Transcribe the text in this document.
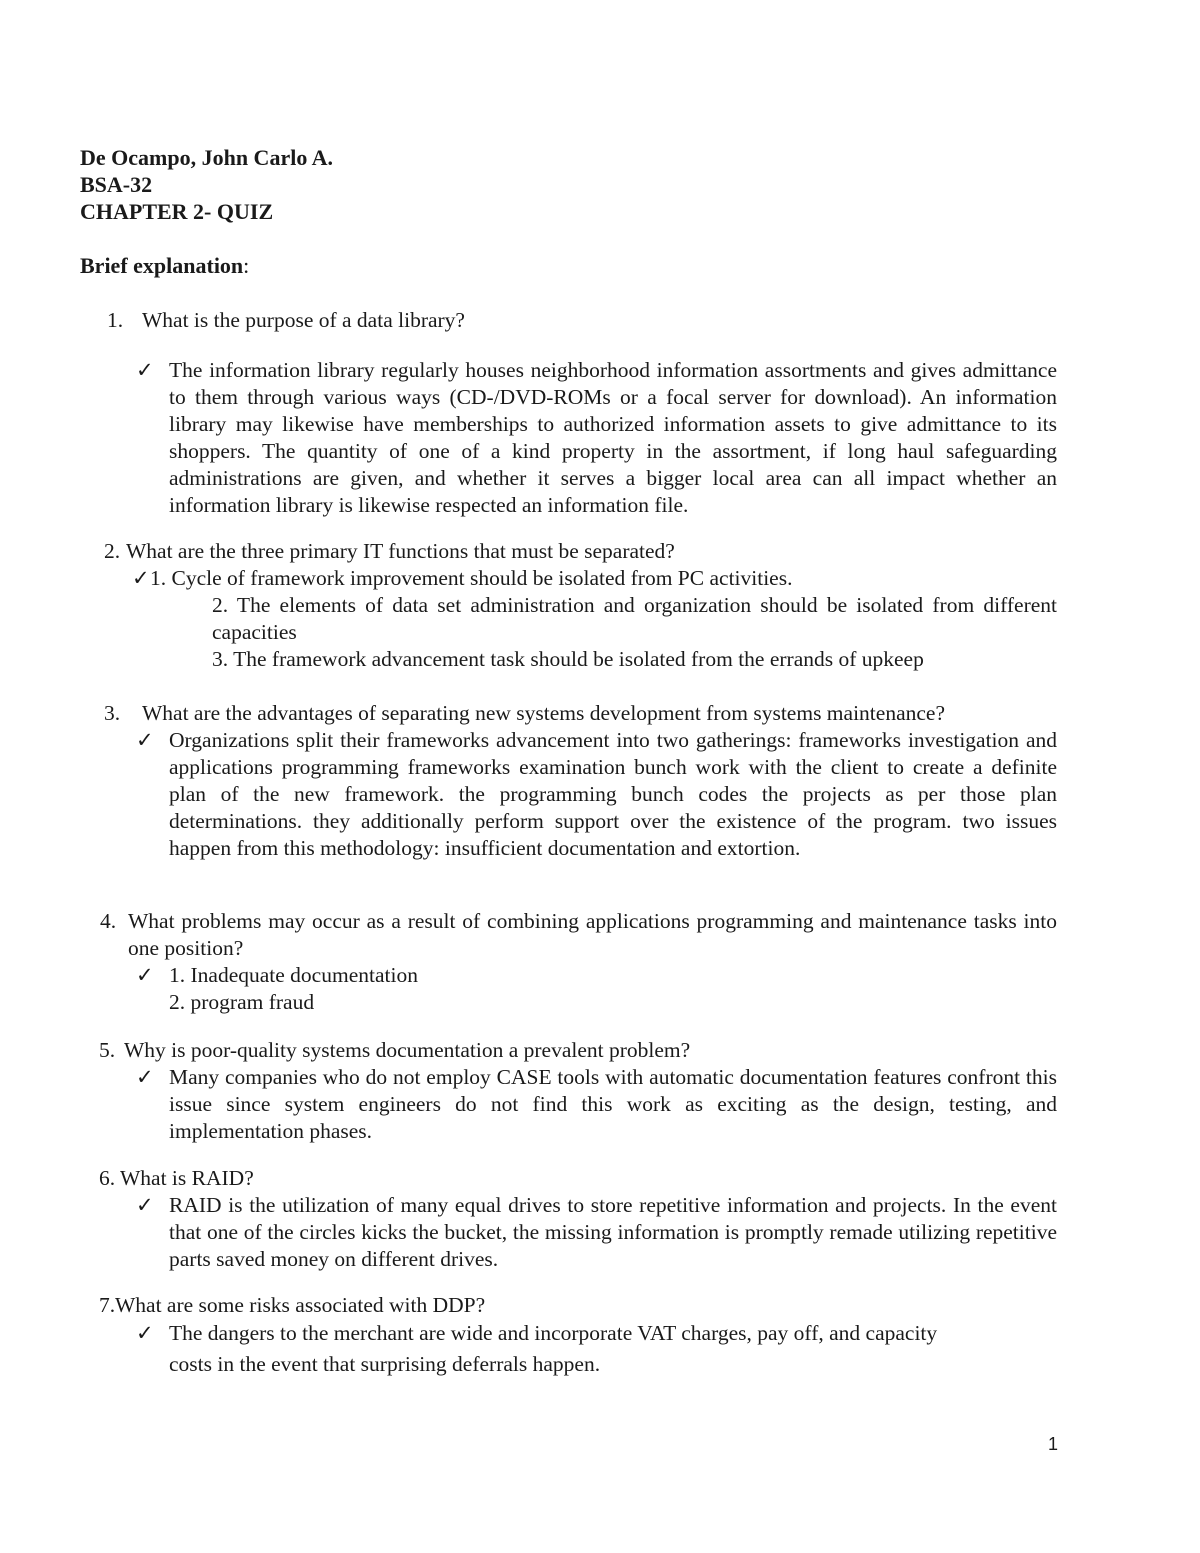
De Ocampo, John Carlo A.
BSA-32
CHAPTER 2- QUIZ
Brief explanation:
1. What is the purpose of a data library?
✓ The information library regularly houses neighborhood information assortments and gives admittance to them through various ways (CD-/DVD-ROMs or a focal server for download). An information library may likewise have memberships to authorized information assets to give admittance to its shoppers. The quantity of one of a kind property in the assortment, if long haul safeguarding administrations are given, and whether it serves a bigger local area can all impact whether an information library is likewise respected an information file.
2. What are the three primary IT functions that must be separated?
✓ 1. Cycle of framework improvement should be isolated from PC activities.
2. The elements of data set administration and organization should be isolated from different capacities
3. The framework advancement task should be isolated from the errands of upkeep
3. What are the advantages of separating new systems development from systems maintenance?
✓ Organizations split their frameworks advancement into two gatherings: frameworks investigation and applications programming frameworks examination bunch work with the client to create a definite plan of the new framework. the programming bunch codes the projects as per those plan determinations. they additionally perform support over the existence of the program. two issues happen from this methodology: insufficient documentation and extortion.
4. What problems may occur as a result of combining applications programming and maintenance tasks into one position?
✓ 1. Inadequate documentation
2. program fraud
5. Why is poor-quality systems documentation a prevalent problem?
✓ Many companies who do not employ CASE tools with automatic documentation features confront this issue since system engineers do not find this work as exciting as the design, testing, and implementation phases.
6. What is RAID?
✓ RAID is the utilization of many equal drives to store repetitive information and projects. In the event that one of the circles kicks the bucket, the missing information is promptly remade utilizing repetitive parts saved money on different drives.
7. What are some risks associated with DDP?
✓ The dangers to the merchant are wide and incorporate VAT charges, pay off, and capacity
costs in the event that surprising deferrals happen.
1
